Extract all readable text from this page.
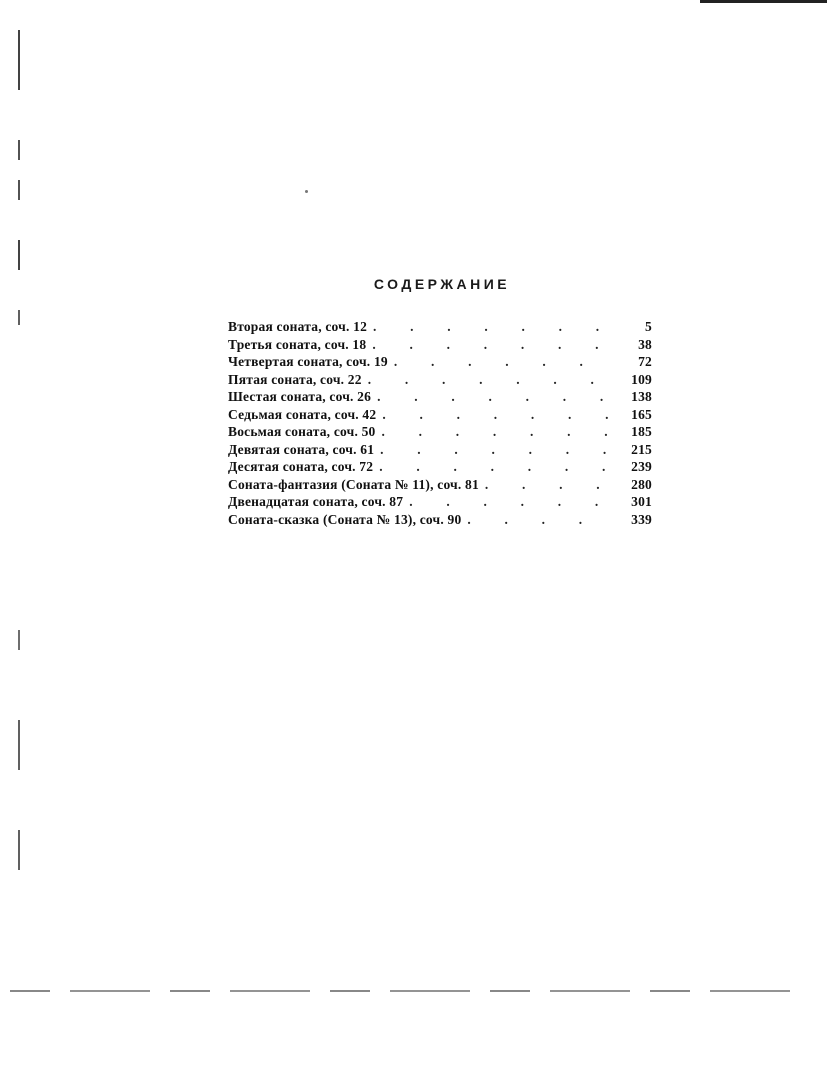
СОДЕРЖАНИЕ
Вторая соната, соч. 12 .	5
Третья соната, соч. 18 .	38
Четвертая соната, соч. 19 .	72
Пятая соната, соч. 22 .	109
Шестая соната, соч. 26 .	138
Седьмая соната, соч. 42 .	165
Восьмая соната, соч. 50 .	185
Девятая соната, соч. 61 .	215
Десятая соната, соч. 72 .	239
Соната-фантазия (Соната № 11), соч. 81 .	280
Двенадцатая соната, соч. 87 .	301
Соната-сказка (Соната № 13), соч. 90 .	339
